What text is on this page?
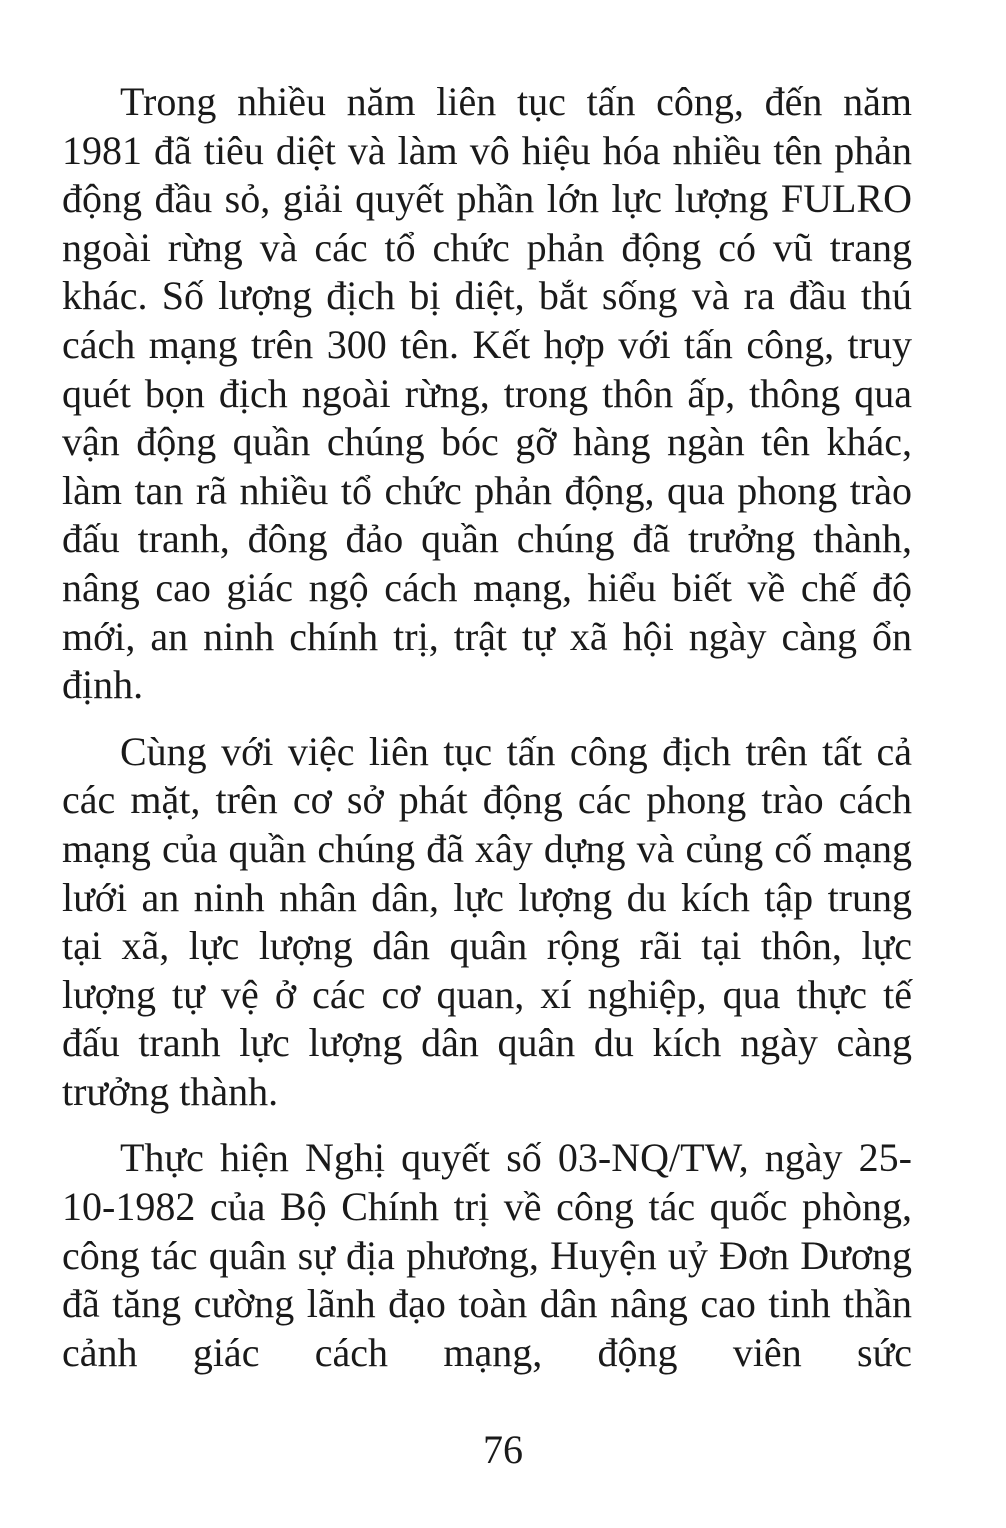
Trong nhiều năm liên tục tấn công, đến năm 1981 đã tiêu diệt và làm vô hiệu hóa nhiều tên phản động đầu sỏ, giải quyết phần lớn lực lượng FULRO ngoài rừng và các tổ chức phản động có vũ trang khác. Số lượng địch bị diệt, bắt sống và ra đầu thú cách mạng trên 300 tên. Kết hợp với tấn công, truy quét bọn địch ngoài rừng, trong thôn ấp, thông qua vận động quần chúng bóc gỡ hàng ngàn tên khác, làm tan rã nhiều tổ chức phản động, qua phong trào đấu tranh, đông đảo quần chúng đã trưởng thành, nâng cao giác ngộ cách mạng, hiểu biết về chế độ mới, an ninh chính trị, trật tự xã hội ngày càng ổn định.

Cùng với việc liên tục tấn công địch trên tất cả các mặt, trên cơ sở phát động các phong trào cách mạng của quần chúng đã xây dựng và củng cố mạng lưới an ninh nhân dân, lực lượng du kích tập trung tại xã, lực lượng dân quân rộng rãi tại thôn, lực lượng tự vệ ở các cơ quan, xí nghiệp, qua thực tế đấu tranh lực lượng dân quân du kích ngày càng trưởng thành.

Thực hiện Nghị quyết số 03-NQ/TW, ngày 25-10-1982 của Bộ Chính trị về công tác quốc phòng, công tác quân sự địa phương, Huyện uỷ Đơn Dương đã tăng cường lãnh đạo toàn dân nâng cao tinh thần cảnh giác cách mạng, động viên sức

76
